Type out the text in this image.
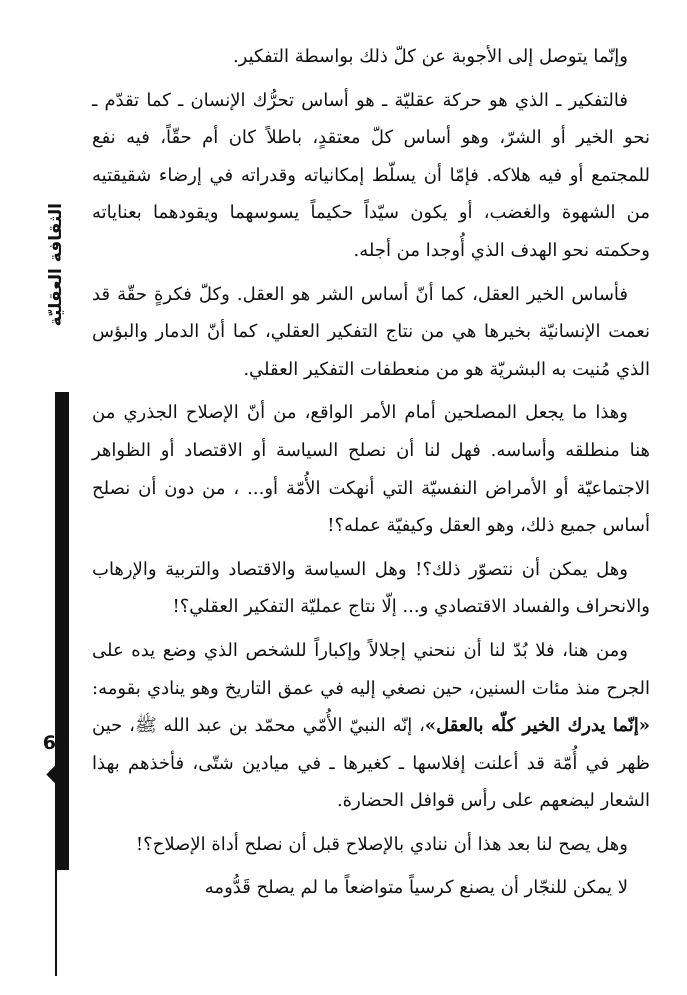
الثقافة العقليّة
65

وإنّما يتوصل إلى الأجوبة عن كلّ ذلك بواسطة التفكير.

فالتفكير ـ الذي هو حركة عقليّة ـ هو أساس تحرُّك الإنسان ـ كما تقدّم ـ نحو الخير أو الشرّ، وهو أساس كلّ معتقدٍ، باطلاً كان أم حقّاً، فيه نفع للمجتمع أو فيه هلاكه. فإمّا أن يسلّط إمكانياته وقدراته في إرضاء شقيقتيه من الشهوة والغضب، أو يكون سيّداً حكيماً يسوسهما ويقودهما بعناياته وحكمته نحو الهدف الذي أُوجدا من أجله.

فأساس الخير العقل، كما أنّ أساس الشر هو العقل. وكلّ فكرةٍ حقّة قد نعمت الإنسانيّة بخيرها هي من نتاج التفكير العقلي، كما أنّ الدمار والبؤس الذي مُنيت به البشريّة هو من منعطفات التفكير العقلي.

وهذا ما يجعل المصلحين أمام الأمر الواقع، من أنّ الإصلاح الجذري من هنا منطلقه وأساسه. فهل لنا أن نصلح السياسة أو الاقتصاد أو الظواهر الاجتماعيّة أو الأمراض النفسيّة التي أنهكت الأُمّة أو... ، من دون أن نصلح أساس جميع ذلك، وهو العقل وكيفيّة عمله؟!

وهل يمكن أن نتصوّر ذلك؟! وهل السياسة والاقتصاد والتربية والإرهاب والانحراف والفساد الاقتصادي و... إلّا نتاج عمليّة التفكير العقلي؟!

ومن هنا، فلا بُدّ لنا أن ننحني إجلالاً وإكباراً للشخص الذي وضع يده على الجرح منذ مئات السنين، حين نصغي إليه في عمق التاريخ وهو ينادي بقومه: «إنّما يدرك الخير كلّه بالعقل»، إنّه النبيّ الأُمّي محمّد بن عبد الله ﷺ، حين ظهر في أُمّة قد أعلنت إفلاسها ـ كغيرها ـ في ميادين شتّى، فأخذهم بهذا الشعار ليضعهم على رأس قوافل الحضارة.

وهل يصح لنا بعد هذا أن ننادي بالإصلاح قبل أن نصلح أداة الإصلاح؟!

لا يمكن للنجّار أن يصنع كرسياً متواضعاً ما لم يصلح قَدُّومه
